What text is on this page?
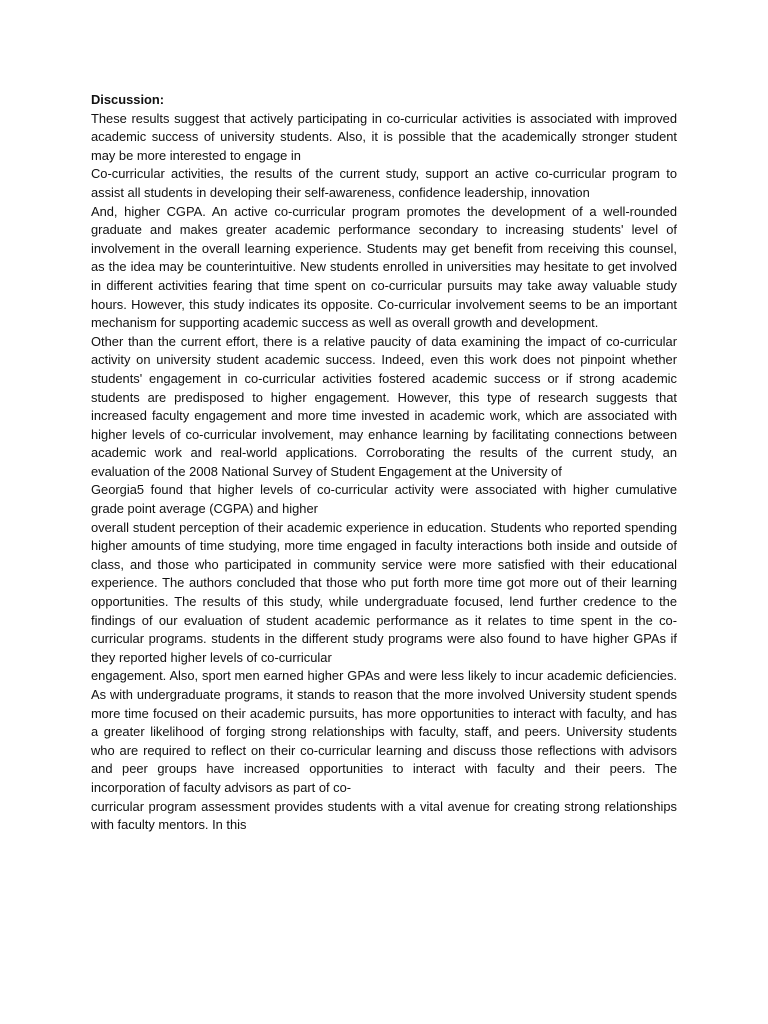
Discussion:

These results suggest that actively participating in co-curricular activities is associated with improved academic success of university students. Also, it is possible that the academically stronger student may be more interested to engage in

Co-curricular activities, the results of the current study, support an active co-curricular program to assist all students in developing their self-awareness, confidence leadership, innovation

And, higher CGPA. An active co-curricular program promotes the development of a well-rounded graduate and makes greater academic performance secondary to increasing students' level of involvement in the overall learning experience. Students may get benefit from receiving this counsel, as the idea may be counterintuitive. New students enrolled in universities may hesitate to get involved in different activities fearing that time spent on co-curricular pursuits may take away valuable study hours. However, this study indicates its opposite. Co-curricular involvement seems to be an important mechanism for supporting academic success as well as overall growth and development.

Other than the current effort, there is a relative paucity of data examining the impact of co-curricular activity on university student academic success. Indeed, even this work does not pinpoint whether students' engagement in co-curricular activities fostered academic success or if strong academic students are predisposed to higher engagement. However, this type of research suggests that increased faculty engagement and more time invested in academic work, which are associated with higher levels of co-curricular involvement, may enhance learning by facilitating connections between academic work and real-world applications. Corroborating the results of the current study, an evaluation of the 2008 National Survey of Student Engagement at the University of

Georgia5 found that higher levels of co-curricular activity were associated with higher cumulative grade point average (CGPA) and higher

overall student perception of their academic experience in education. Students who reported spending higher amounts of time studying, more time engaged in faculty interactions both inside and outside of class, and those who participated in community service were more satisfied with their educational experience. The authors concluded that those who put forth more time got more out of their learning opportunities. The results of this study, while undergraduate focused, lend further credence to the findings of our evaluation of student academic performance as it relates to time spent in the co-curricular programs. students in the different study programs were also found to have higher GPAs if they reported higher levels of co-curricular

engagement. Also, sport men earned higher GPAs and were less likely to incur academic deficiencies. As with undergraduate programs, it stands to reason that the more involved University student spends more time focused on their academic pursuits, has more opportunities to interact with faculty, and has a greater likelihood of forging strong relationships with faculty, staff, and peers. University students who are required to reflect on their co-curricular learning and discuss those reflections with advisors and peer groups have increased opportunities to interact with faculty and their peers. The incorporation of faculty advisors as part of co-

curricular program assessment provides students with a vital avenue for creating strong relationships with faculty mentors. In this
